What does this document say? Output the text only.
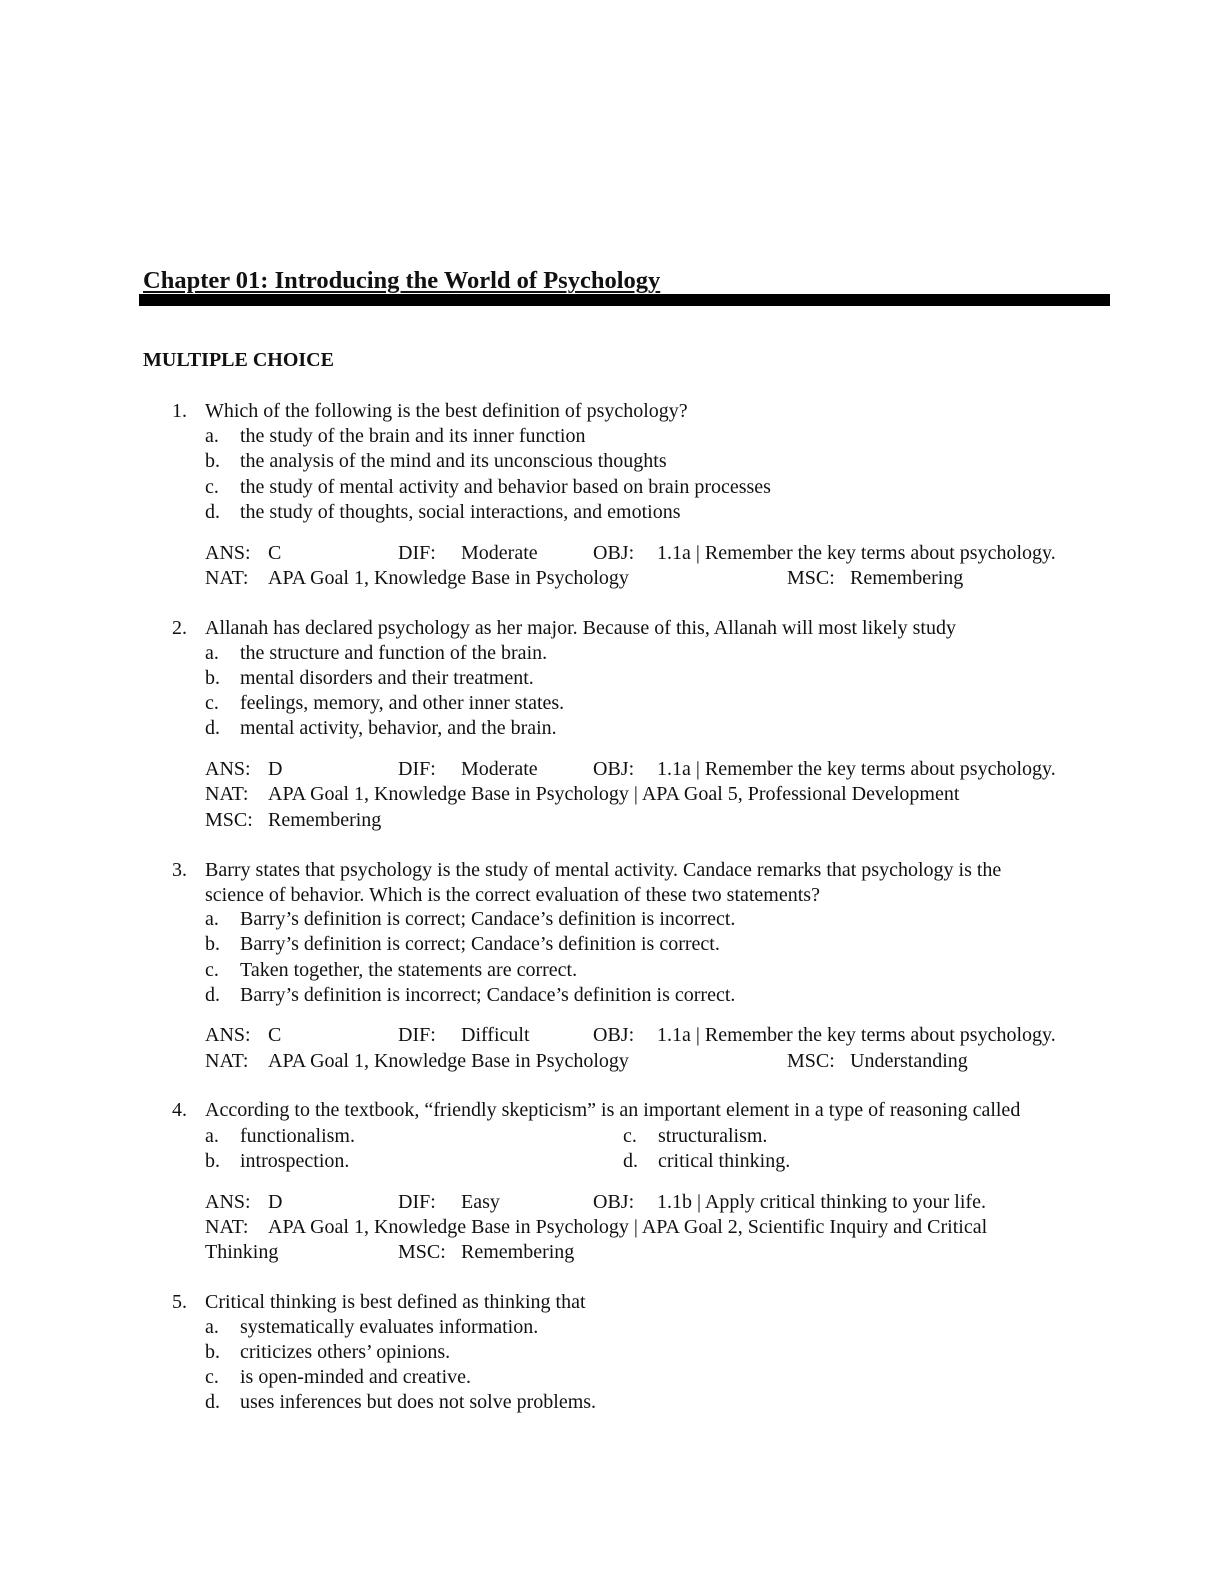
Chapter 01: Introducing the World of Psychology
MULTIPLE CHOICE
1. Which of the following is the best definition of psychology?
a. the study of the brain and its inner function
b. the analysis of the mind and its unconscious thoughts
c. the study of mental activity and behavior based on brain processes
d. the study of thoughts, social interactions, and emotions
ANS: C	DIF: Moderate	OBJ: 1.1a | Remember the key terms about psychology.
NAT: APA Goal 1, Knowledge Base in Psychology	MSC: Remembering
2. Allanah has declared psychology as her major. Because of this, Allanah will most likely study
a. the structure and function of the brain.
b. mental disorders and their treatment.
c. feelings, memory, and other inner states.
d. mental activity, behavior, and the brain.
ANS: D	DIF: Moderate	OBJ: 1.1a | Remember the key terms about psychology.
NAT: APA Goal 1, Knowledge Base in Psychology | APA Goal 5, Professional Development
MSC: Remembering
3. Barry states that psychology is the study of mental activity. Candace remarks that psychology is the
science of behavior. Which is the correct evaluation of these two statements?
a. Barry’s definition is correct; Candace’s definition is incorrect.
b. Barry’s definition is correct; Candace’s definition is correct.
c. Taken together, the statements are correct.
d. Barry’s definition is incorrect; Candace’s definition is correct.
ANS: C	DIF: Difficult	OBJ: 1.1a | Remember the key terms about psychology.
NAT: APA Goal 1, Knowledge Base in Psychology	MSC: Understanding
4. According to the textbook, “friendly skepticism” is an important element in a type of reasoning called
a. functionalism.
b. introspection.
c. structuralism.
d. critical thinking.
ANS: D	DIF: Easy	OBJ: 1.1b | Apply critical thinking to your life.
NAT: APA Goal 1, Knowledge Base in Psychology | APA Goal 2, Scientific Inquiry and Critical
Thinking	MSC: Remembering
5. Critical thinking is best defined as thinking that
a. systematically evaluates information.
b. criticizes others’ opinions.
c. is open-minded and creative.
d. uses inferences but does not solve problems.
